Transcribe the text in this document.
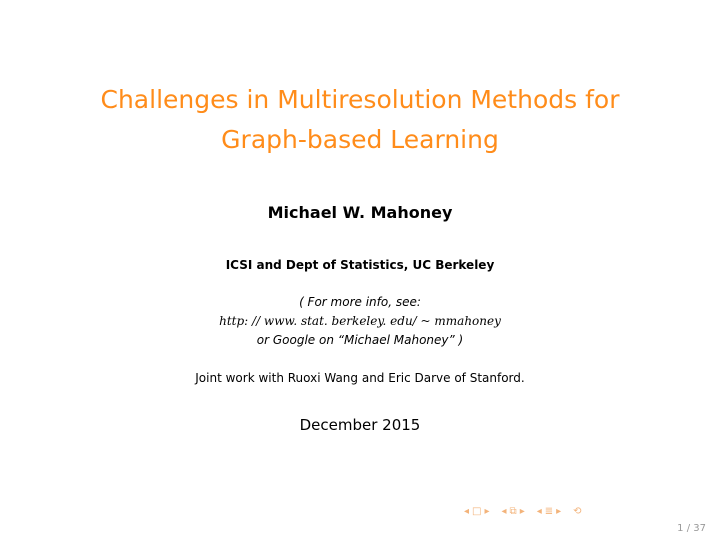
Challenges in Multiresolution Methods for
Graph-based Learning
Michael W. Mahoney
ICSI and Dept of Statistics, UC Berkeley
( For more info, see:
http: // www. stat. berkeley. edu/ ~ mmahoney
or Google on “Michael Mahoney” )
Joint work with Ruoxi Wang and Eric Darve of Stanford.
December 2015
◂ □ ▸ ◂ ⧉ ▸ ◂ ≣ ▸ ⟲
1 / 37
